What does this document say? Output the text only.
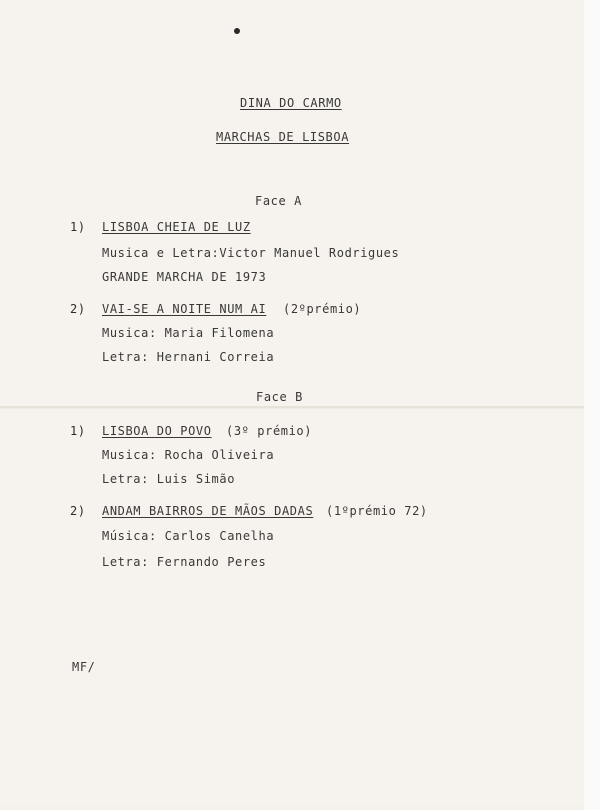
DINA DO CARMO

MARCHAS DE LISBOA

Face A

1) LISBOA CHEIA DE LUZ

Musica e Letra:Victor Manuel Rodrigues

GRANDE MARCHA DE 1973

2) VAI-SE A NOITE NUM AI (2ºprémio)

Musica: Maria Filomena

Letra: Hernani Correia

Face B

1) LISBOA DO POVO (3º prémio)

Musica: Rocha Oliveira

Letra: Luis Simão

2) ANDAM BAIRROS DE MÃOS DADAS (1ºprémio 72)

Música: Carlos Canelha

Letra: Fernando Peres

MF/
